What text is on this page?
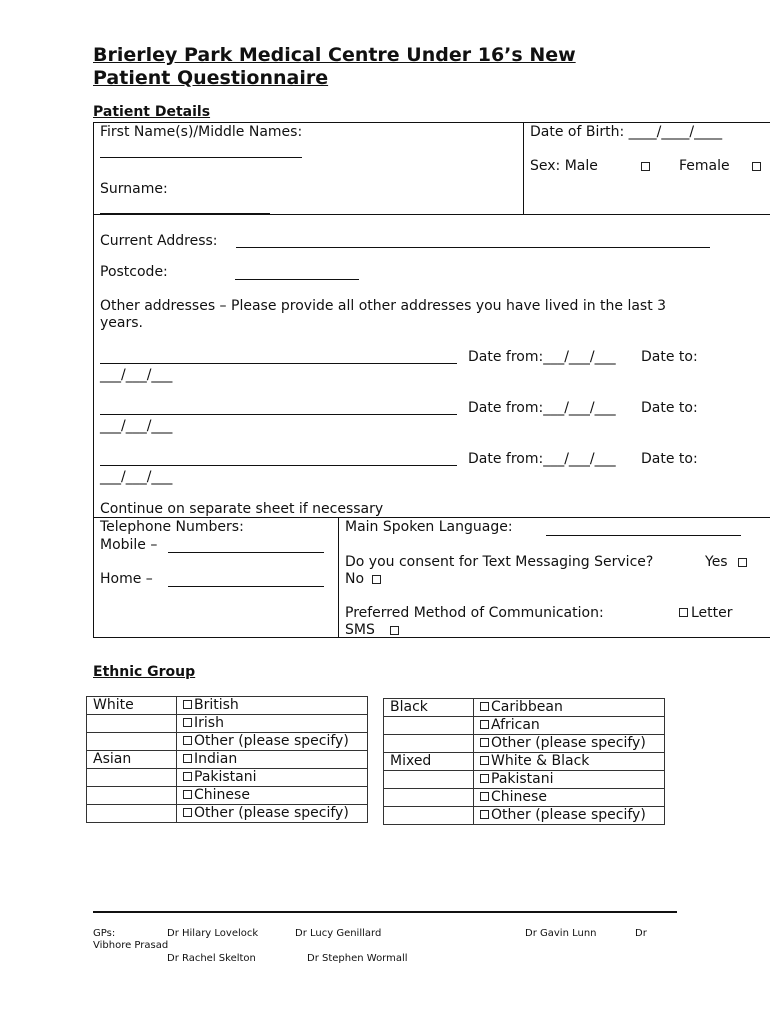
Brierley Park Medical Centre Under 16’s New
Patient Questionnaire
Patient Details
First Name(s)/Middle Names:
Surname:
Date of Birth: ____/____/____
Sex: Male	Female
Current Address:
Postcode:
Other addresses – Please provide all other addresses you have lived in the last 3
years.
Date from:___/___/___ Date to:
___/___/___
Date from:___/___/___ Date to:
___/___/___
Date from:___/___/___ Date to:
___/___/___
Continue on separate sheet if necessary
Telephone Numbers:
Mobile –
Home –
Main Spoken Language:
Do you consent for Text Messaging Service?	Yes
No
Preferred Method of Communication:	Letter
SMS
Ethnic Group
White	British
	Irish
	Other (please specify)
Asian	Indian
	Pakistani
	Chinese
	Other (please specify)
Black	Caribbean
	African
	Other (please specify)
Mixed	White & Black
	Pakistani
	Chinese
	Other (please specify)
GPs:	Dr Hilary Lovelock	Dr Lucy Genillard	Dr Gavin Lunn	Dr
Vibhore Prasad
Dr Rachel Skelton	Dr Stephen Wormall
